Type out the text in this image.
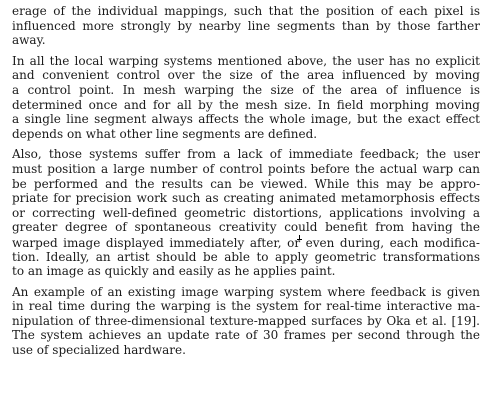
erage of the individual mappings, such that the position of each pixel is
influenced more strongly by nearby line segments than by those farther
away.
In all the local warping systems mentioned above, the user has no explicit
and convenient control over the size of the area influenced by moving
a control point. In mesh warping the size of the area of influence is
determined once and for all by the mesh size. In field morphing moving
a single line segment always affects the whole image, but the exact effect
depends on what other line segments are defined.
Also, those systems suffer from a lack of immediate feedback; the user
must position a large number of control points before the actual warp can
be performed and the results can be viewed. While this may be appro-
priate for precision work such as creating animated metamorphosis effects
or correcting well-defined geometric distortions, applications involving a
greater degree of spontaneous creativity could benefit from having the
warped image displayed immediately after, or even during, each modifica-
tion. Ideally, an artist should be able to apply geometric transformations
to an image as quickly and easily as he applies paint.
An example of an existing image warping system where feedback is given
in real time during the warping is the system for real-time interactive ma-
nipulation of three-dimensional texture-mapped surfaces by Oka et al. [19].
The system achieves an update rate of 30 frames per second through the
use of specialized hardware.
